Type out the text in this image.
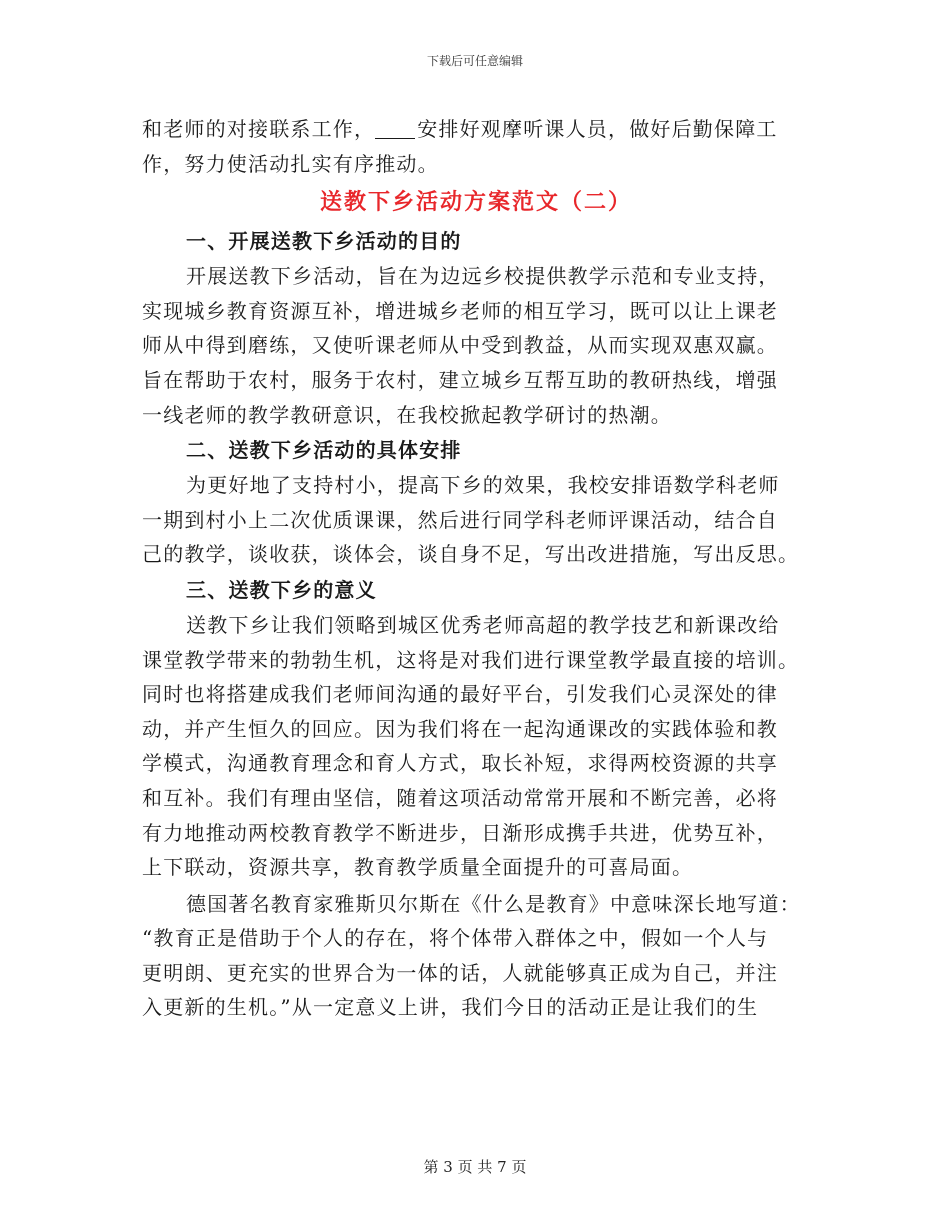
下载后可任意编辑
和老师的对接联系工作， 安排好观摩听课人员，做好后勤保障工
作，努力使活动扎实有序推动。
送教下乡活动方案范文（二）
一、开展送教下乡活动的目的
开展送教下乡活动，旨在为边远乡校提供教学示范和专业支持，
实现城乡教育资源互补，增进城乡老师的相互学习，既可以让上课老
师从中得到磨练，又使听课老师从中受到教益，从而实现双惠双赢。
旨在帮助于农村，服务于农村，建立城乡互帮互助的教研热线，增强
一线老师的教学教研意识，在我校掀起教学研讨的热潮。
二、送教下乡活动的具体安排
为更好地了支持村小，提高下乡的效果，我校安排语数学科老师
一期到村小上二次优质课课，然后进行同学科老师评课活动，结合自
己的教学，谈收获，谈体会，谈自身不足，写出改进措施，写出反思。
三、送教下乡的意义
送教下乡让我们领略到城区优秀老师高超的教学技艺和新课改给
课堂教学带来的勃勃生机，这将是对我们进行课堂教学最直接的培训。
同时也将搭建成我们老师间沟通的最好平台，引发我们心灵深处的律
动，并产生恒久的回应。因为我们将在一起沟通课改的实践体验和教
学模式，沟通教育理念和育人方式，取长补短，求得两校资源的共享
和互补。我们有理由坚信，随着这项活动常常开展和不断完善，必将
有力地推动两校教育教学不断进步，日渐形成携手共进，优势互补，
上下联动，资源共享，教育教学质量全面提升的可喜局面。
德国著名教育家雅斯贝尔斯在《什么是教育》中意味深长地写道：
“教育正是借助于个人的存在，将个体带入群体之中，假如一个人与
更明朗、更充实的世界合为一体的话，人就能够真正成为自己，并注
入更新的生机。”从一定意义上讲，我们今日的活动正是让我们的生
第 3 页 共 7 页
